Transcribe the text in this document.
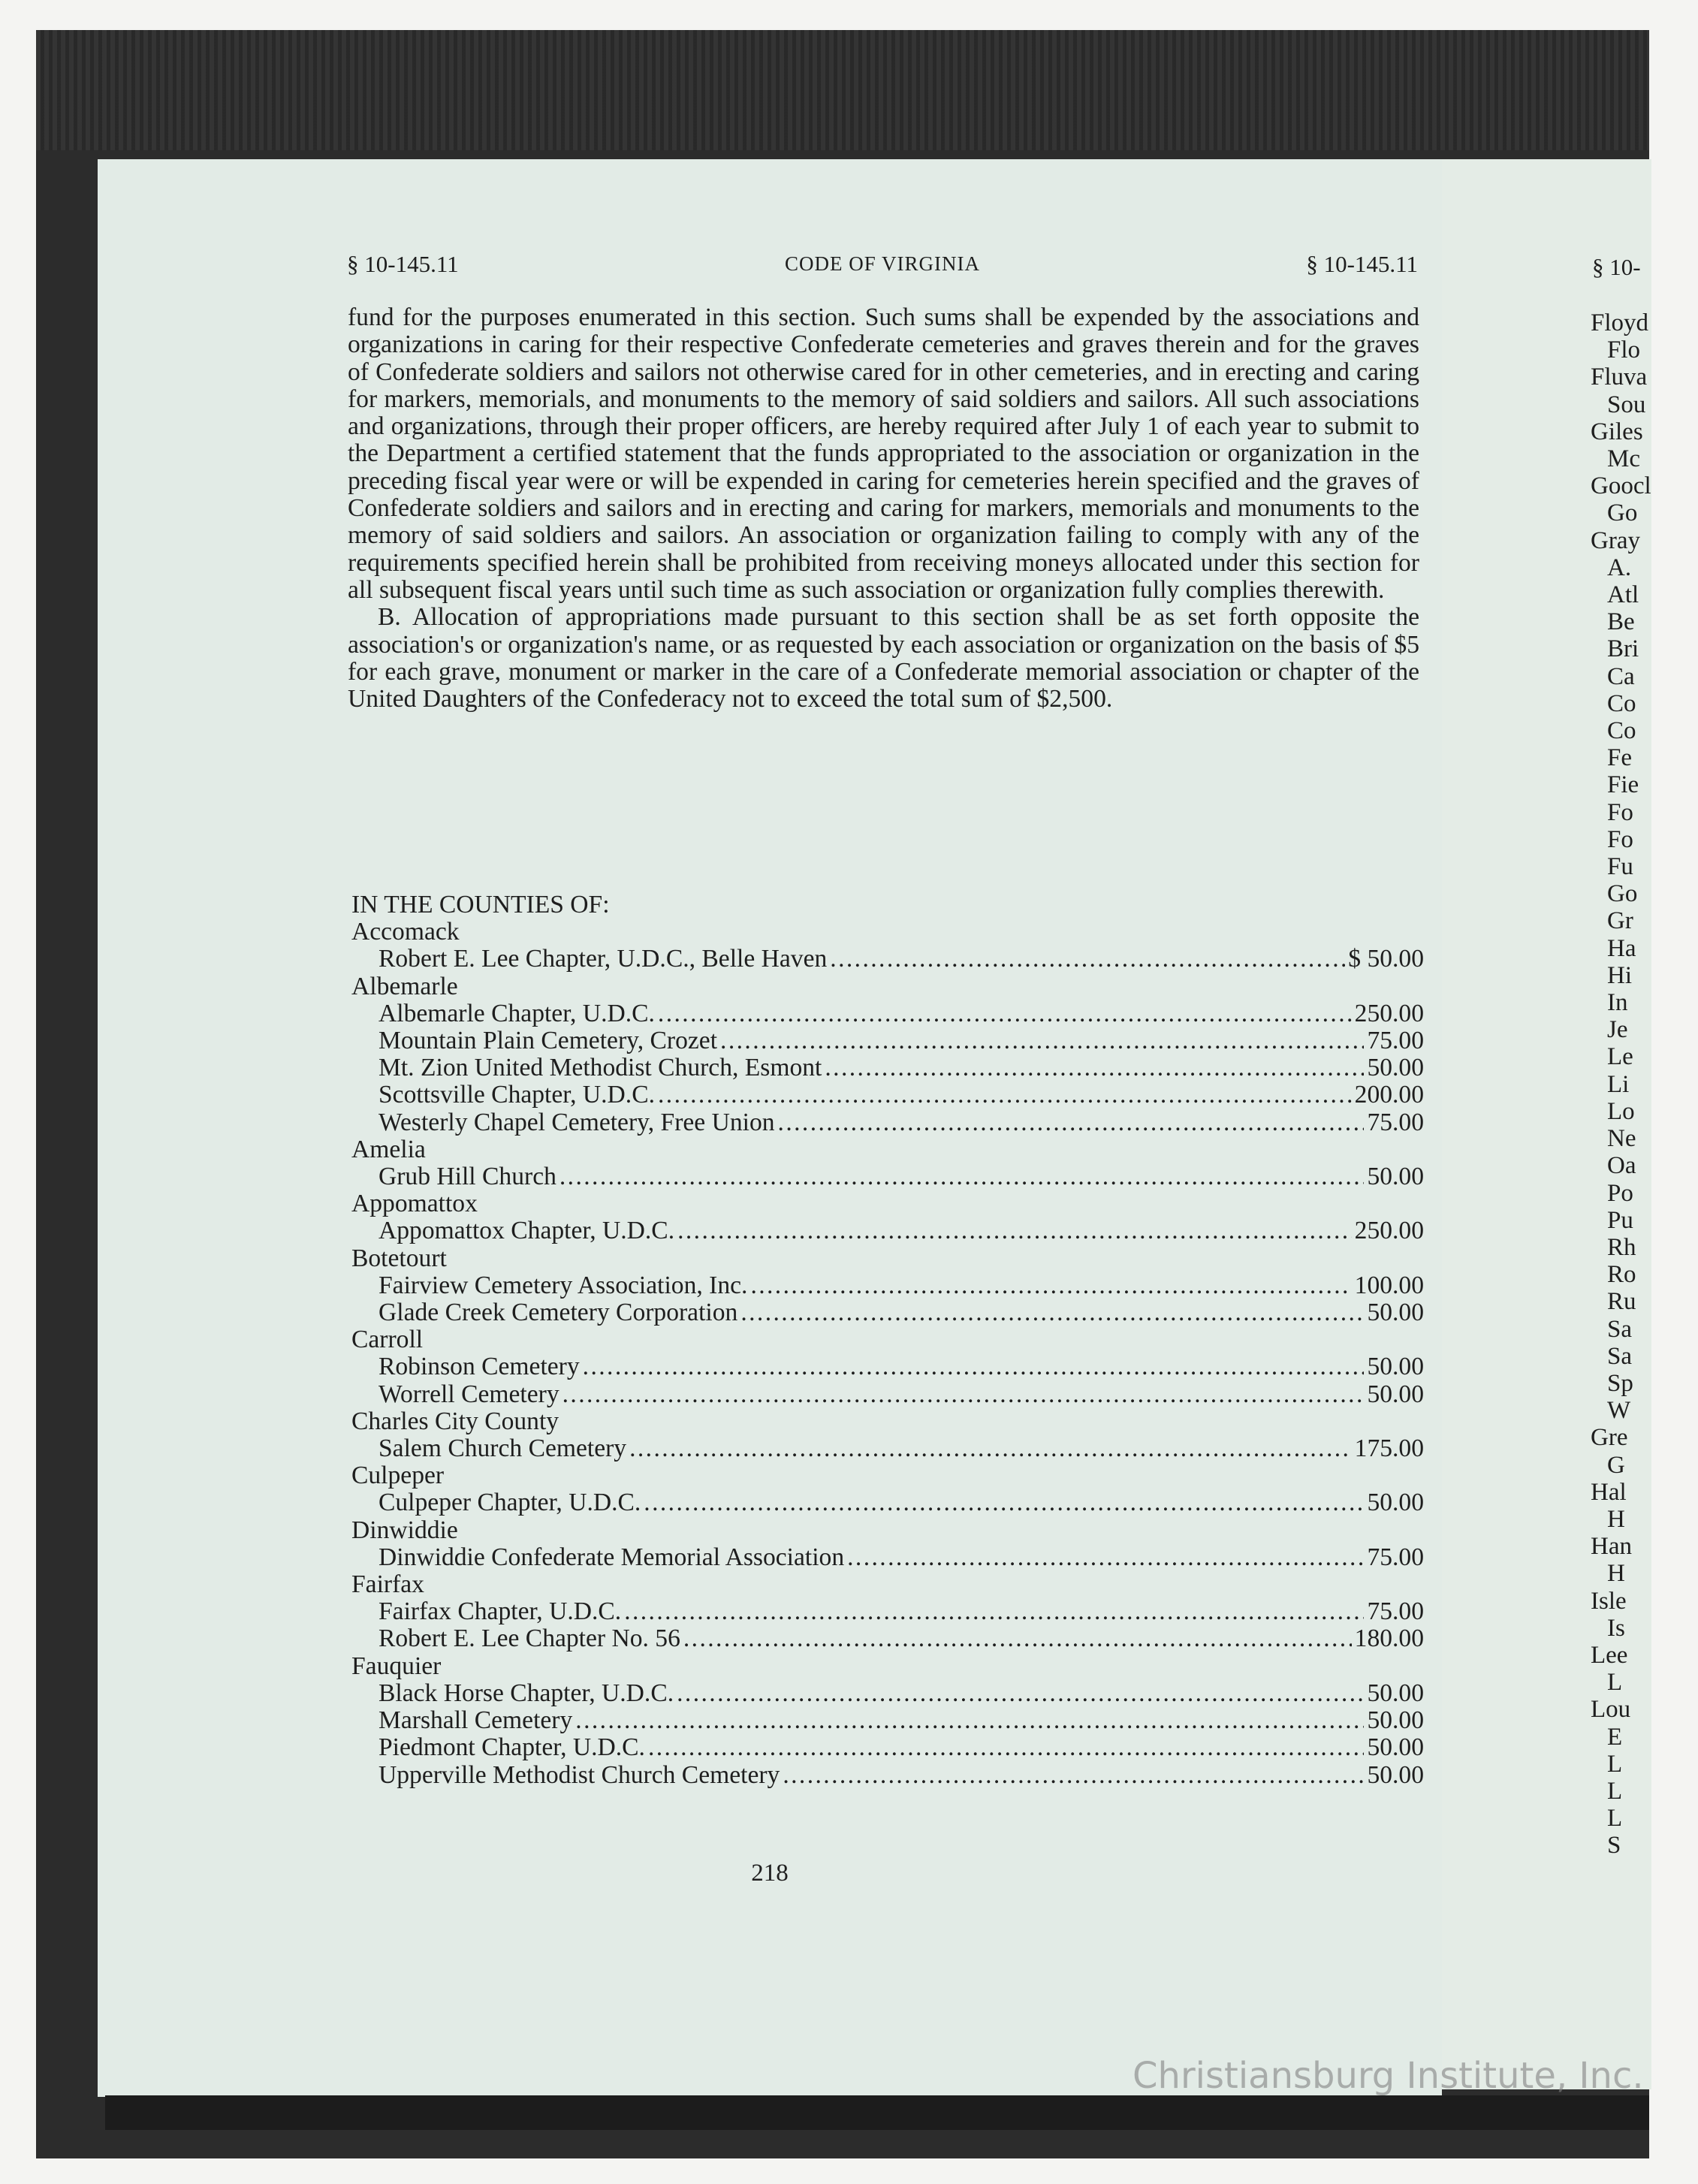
§ 10-
Floyd
Flo
Fluva
Sou
Giles
Mc
Goocl
Go
Gray
A.
Atl
Be
Bri
Ca
Co
Co
Fe
Fie
Fo
Fo
Fu
Go
Gr
Ha
Hi
In
Je
Le
Li
Lo
Ne
Oa
Po
Pu
Rh
Ro
Ru
Sa
Sa
Sp
W
Gre
G
Hal
H
Han
H
Isle
Is
Lee
L
Lou
E
L
L
L
S
§ 10-145.11	CODE OF VIRGINIA	§ 10-145.11

fund for the purposes enumerated in this section. Such sums shall be expended by the associations and organizations in caring for their respective Confederate cemeteries and graves therein and for the graves of Confederate soldiers and sailors not otherwise cared for in other cemeteries, and in erecting and caring for markers, memorials, and monuments to the memory of said soldiers and sailors. All such associations and organizations, through their proper officers, are hereby required after July 1 of each year to submit to the Department a certified statement that the funds appropriated to the association or organization in the preceding fiscal year were or will be expended in caring for cemeteries herein specified and the graves of Confederate soldiers and sailors and in erecting and caring for markers, memorials and monuments to the memory of said soldiers and sailors. An association or organization failing to comply with any of the requirements specified herein shall be prohibited from receiving moneys allocated under this section for all subsequent fiscal years until such time as such association or organization fully complies therewith.

B. Allocation of appropriations made pursuant to this section shall be as set forth opposite the association's or organization's name, or as requested by each association or organization on the basis of $5 for each grave, monument or marker in the care of a Confederate memorial association or chapter of the United Daughters of the Confederacy not to exceed the total sum of $2,500.

IN THE COUNTIES OF:

Accomack

Robert E. Lee Chapter, U.D.C., Belle Haven . . .	$ 50.00

Albemarle

Albemarle Chapter, U.D.C. . . .	250.00
Mountain Plain Cemetery, Crozet . . .	75.00
Mt. Zion United Methodist Church, Esmont . . .	50.00
Scottsville Chapter, U.D.C. . . .	200.00
Westerly Chapel Cemetery, Free Union . . .	75.00

Amelia

Grub Hill Church . . .	50.00

Appomattox

Appomattox Chapter, U.D.C. . . .	250.00

Botetourt

Fairview Cemetery Association, Inc. . . .	100.00
Glade Creek Cemetery Corporation . . .	50.00

Carroll

Robinson Cemetery . . .	50.00
Worrell Cemetery . . .	50.00

Charles City County

Salem Church Cemetery . . .	175.00

Culpeper

Culpeper Chapter, U.D.C. . . .	50.00

Dinwiddie

Dinwiddie Confederate Memorial Association . . .	75.00

Fairfax

Fairfax Chapter, U.D.C. . . .	75.00
Robert E. Lee Chapter No. 56 . . .	180.00

Fauquier

Black Horse Chapter, U.D.C. . . .	50.00
Marshall Cemetery . . .	50.00
Piedmont Chapter, U.D.C. . . .	50.00
Upperville Methodist Church Cemetery . . .	50.00
218
Christiansburg Institute, Inc.
